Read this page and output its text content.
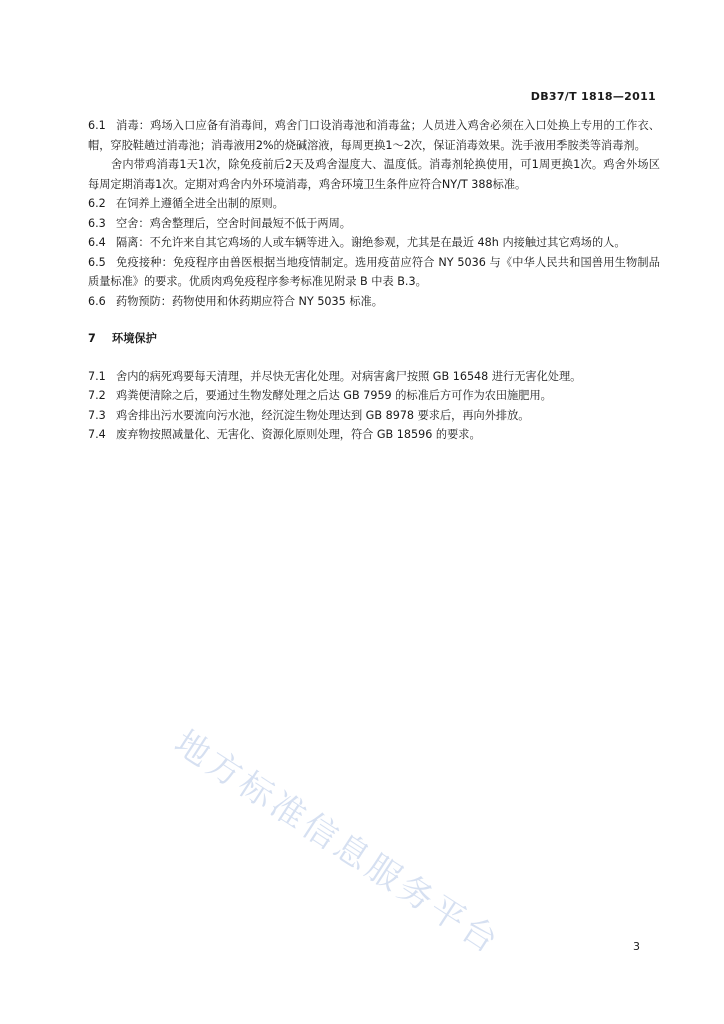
DB37/T 1818—2011

6.1 消毒：鸡场入口应备有消毒间，鸡舍门口设消毒池和消毒盆；人员进入鸡舍必须在入口处换上专用的工作衣、帽，穿胶鞋趟过消毒池；消毒液用2%的烧碱溶液，每周更换1～2次，保证消毒效果。洗手液用季胺类等消毒剂。

舍内带鸡消毒1天1次，除免疫前后2天及鸡舍湿度大、温度低。消毒剂轮换使用，可1周更换1次。鸡舍外场区每周定期消毒1次。定期对鸡舍内外环境消毒，鸡舍环境卫生条件应符合NY/T 388标准。

6.2 在饲养上遵循全进全出制的原则。

6.3 空舍：鸡舍整理后，空舍时间最短不低于两周。

6.4 隔离：不允许来自其它鸡场的人或车辆等进入。谢绝参观，尤其是在最近 48h 内接触过其它鸡场的人。

6.5 免疫接种：免疫程序由兽医根据当地疫情制定。选用疫苗应符合 NY 5036 与《中华人民共和国兽用生物制品质量标准》的要求。优质肉鸡免疫程序参考标准见附录 B 中表 B.3。

6.6 药物预防：药物使用和休药期应符合 NY 5035 标准。

7 环境保护

7.1 舍内的病死鸡要每天清理，并尽快无害化处理。对病害禽尸按照 GB 16548 进行无害化处理。

7.2 鸡粪便清除之后，要通过生物发酵处理之后达 GB 7959 的标准后方可作为农田施肥用。

7.3 鸡舍排出污水要流向污水池，经沉淀生物处理达到 GB 8978 要求后，再向外排放。

7.4 废弃物按照减量化、无害化、资源化原则处理，符合 GB 18596 的要求。

地方标准信息服务平台	3
